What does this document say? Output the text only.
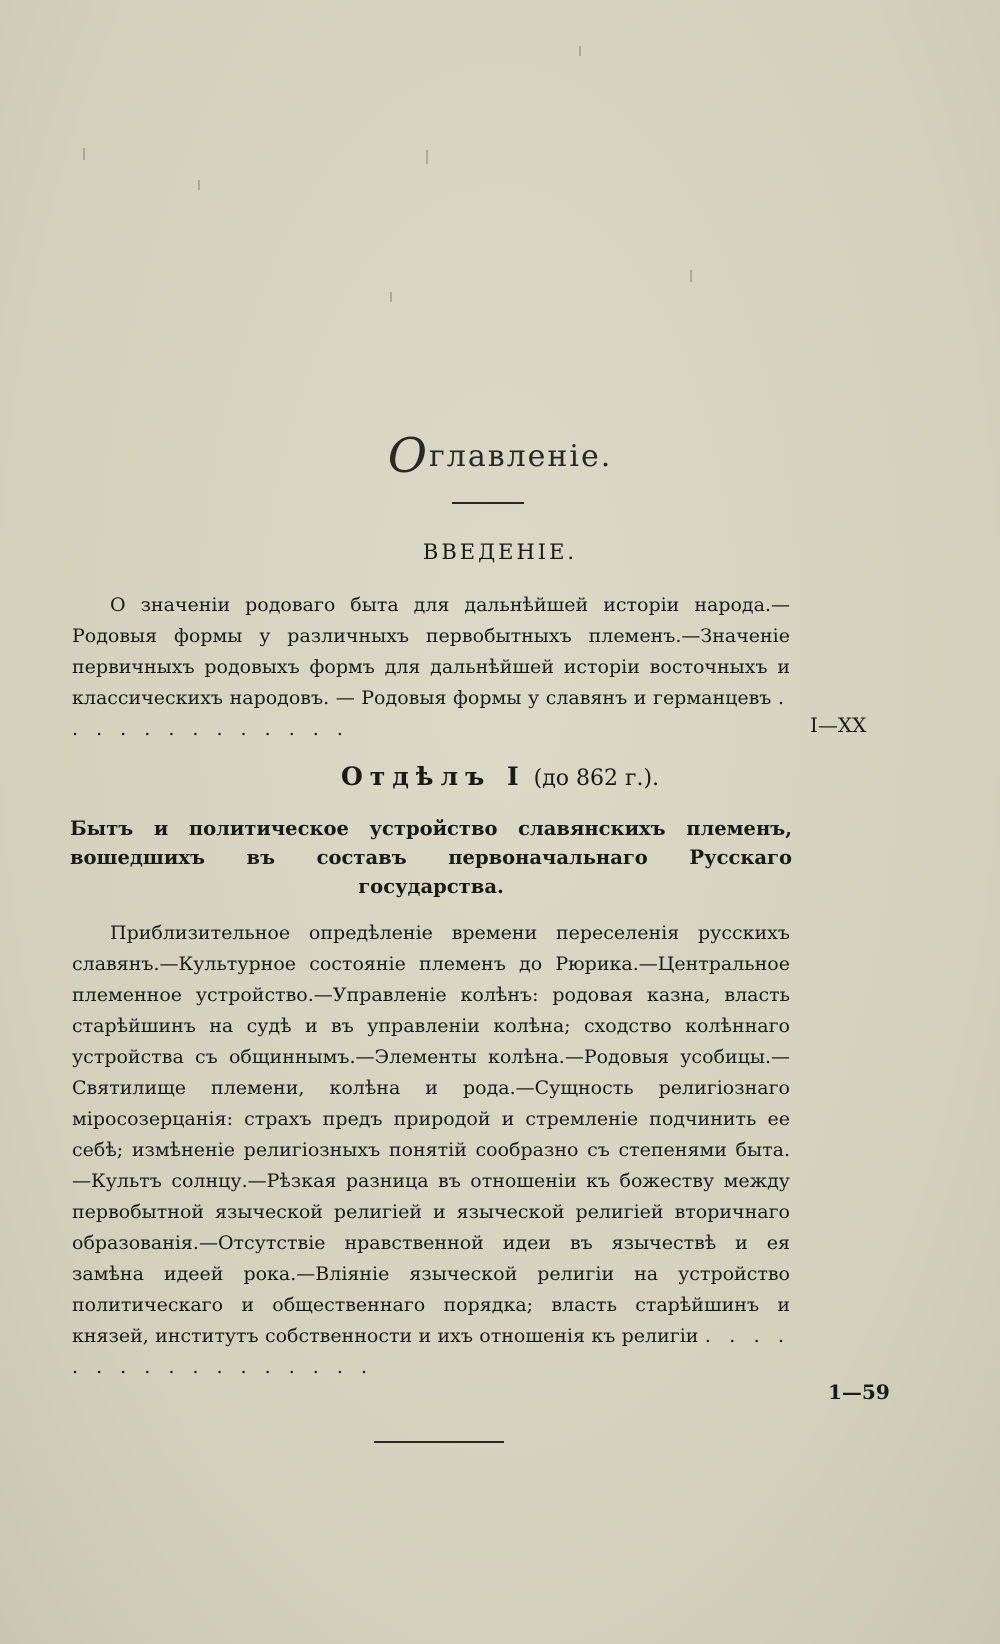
Оглавленіе.
ВВЕДЕНІЕ.

О значеніи родоваго быта для дальнѣйшей исторіи народа.—Родовыя формы у различныхъ первобытныхъ племенъ.—Значеніе первичныхъ родовыхъ формъ для дальнѣйшей исторіи восточныхъ и классическихъ народовъ. — Родовыя формы у славянъ и германцевъ . . . . . . . . . . . . .	I—XX
Отдѣлъ I (до 862 г.).
Бытъ и политическое устройство славянскихъ племенъ, вошедшихъ въ составъ первоначальнаго Русскаго государства.

Приблизительное опредѣленіе времени переселенія русскихъ славянъ.—Культурное состояніе племенъ до Рюрика.—Центральное племенное устройство.—Управленіе колѣнъ: родовая казна, власть старѣйшинъ на судѣ и въ управленіи колѣна; сходство колѣннаго устройства съ общиннымъ.—Элементы колѣна.—Родовыя усобицы.—Святилище племени, колѣна и рода.—Сущность религіознаго міросозерцанія: страхъ предъ природой и стремленіе подчинить ее себѣ; измѣненіе религіозныхъ понятій сообразно съ степенями быта.—Культъ солнцу.—Рѣзкая разница въ отношеніи къ божеству между первобытной языческой религіей и языческой религіей вторичнаго образованія.—Отсутствіе нравственной идеи въ язычествѣ и ея замѣна идеей рока.—Вліяніе языческой религіи на устройство политическаго и общественнаго порядка; власть старѣйшинъ и князей, институтъ собственности и ихъ отношенія къ религіи . . . . . . . . . . . . . . . . .

1—59
